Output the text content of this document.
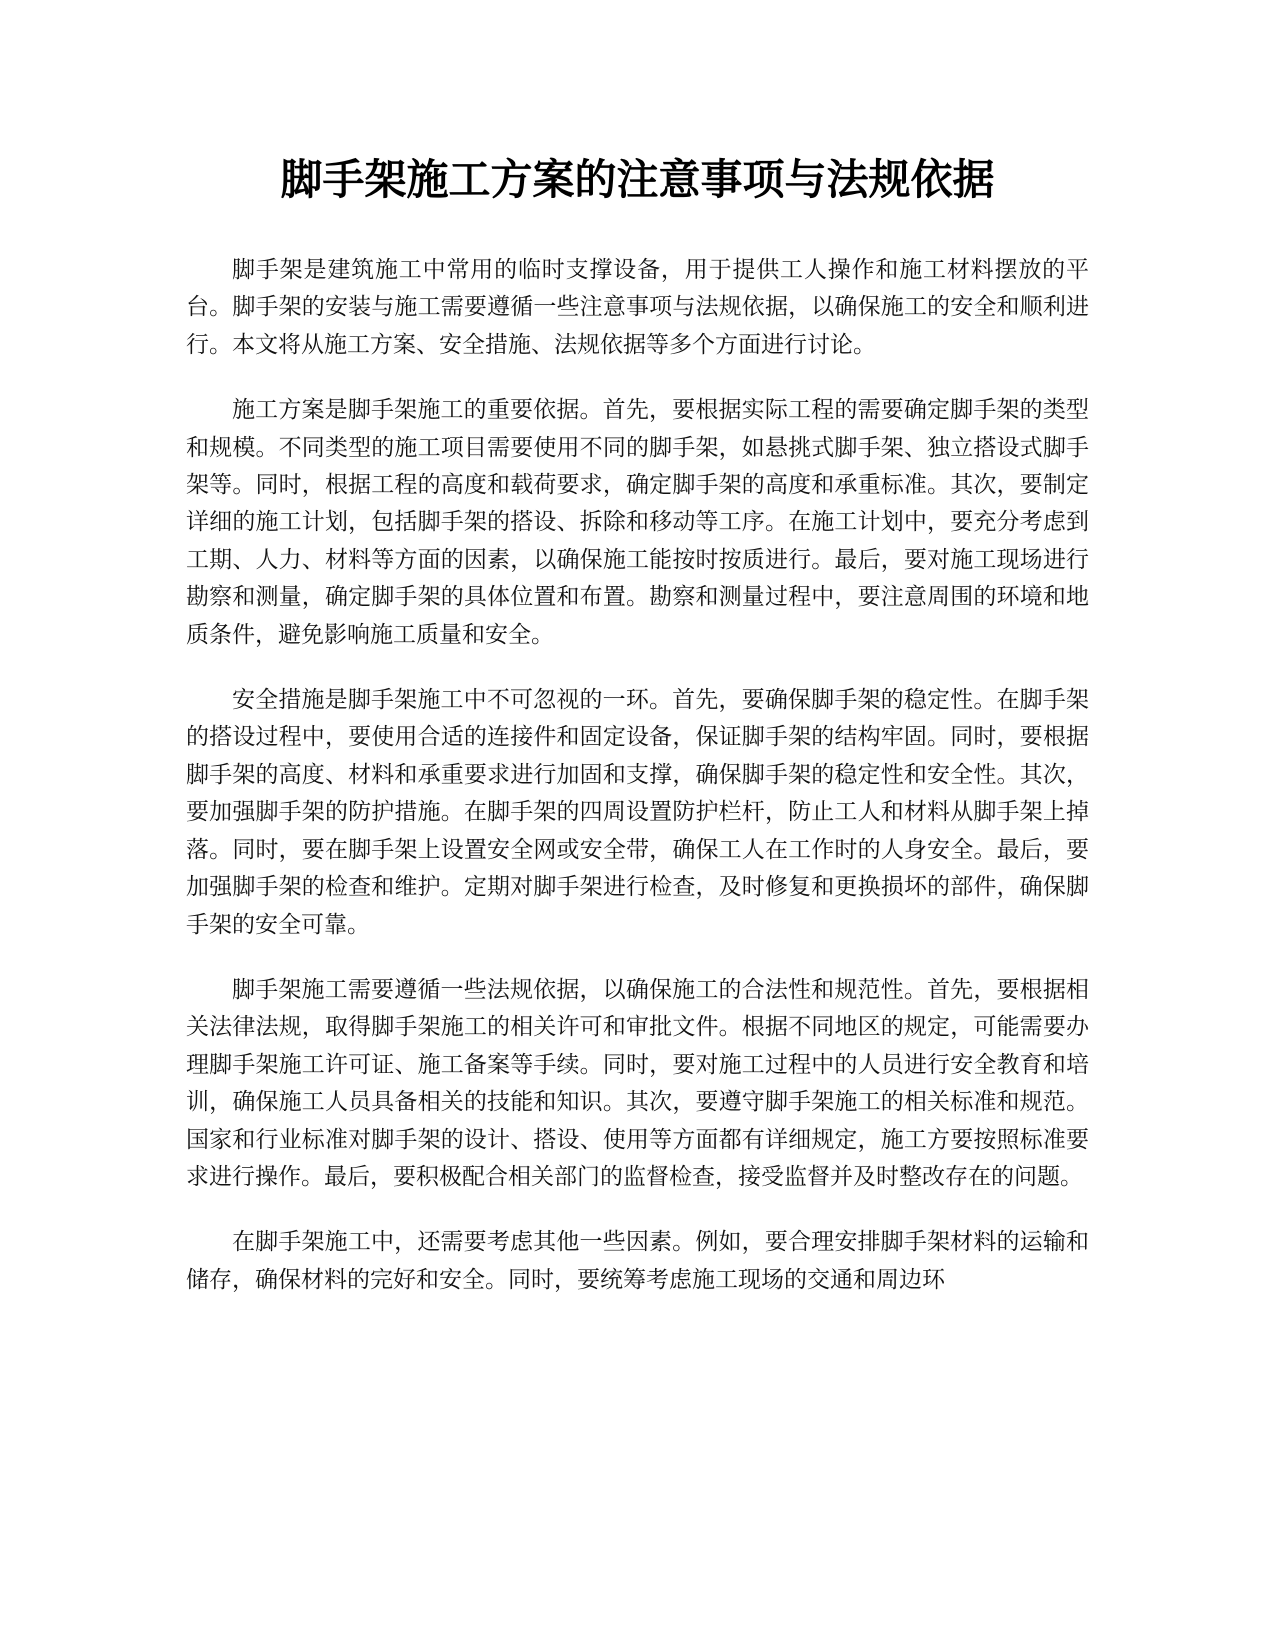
脚手架施工方案的注意事项与法规依据

脚手架是建筑施工中常用的临时支撑设备，用于提供工人操作和施工材料摆放的平台。脚手架的安装与施工需要遵循一些注意事项与法规依据，以确保施工的安全和顺利进行。本文将从施工方案、安全措施、法规依据等多个方面进行讨论。

施工方案是脚手架施工的重要依据。首先，要根据实际工程的需要确定脚手架的类型和规模。不同类型的施工项目需要使用不同的脚手架，如悬挑式脚手架、独立搭设式脚手架等。同时，根据工程的高度和载荷要求，确定脚手架的高度和承重标准。其次，要制定详细的施工计划，包括脚手架的搭设、拆除和移动等工序。在施工计划中，要充分考虑到工期、人力、材料等方面的因素，以确保施工能按时按质进行。最后，要对施工现场进行勘察和测量，确定脚手架的具体位置和布置。勘察和测量过程中，要注意周围的环境和地质条件，避免影响施工质量和安全。

安全措施是脚手架施工中不可忽视的一环。首先，要确保脚手架的稳定性。在脚手架的搭设过程中，要使用合适的连接件和固定设备，保证脚手架的结构牢固。同时，要根据脚手架的高度、材料和承重要求进行加固和支撑，确保脚手架的稳定性和安全性。其次，要加强脚手架的防护措施。在脚手架的四周设置防护栏杆，防止工人和材料从脚手架上掉落。同时，要在脚手架上设置安全网或安全带，确保工人在工作时的人身安全。最后，要加强脚手架的检查和维护。定期对脚手架进行检查，及时修复和更换损坏的部件，确保脚手架的安全可靠。

脚手架施工需要遵循一些法规依据，以确保施工的合法性和规范性。首先，要根据相关法律法规，取得脚手架施工的相关许可和审批文件。根据不同地区的规定，可能需要办理脚手架施工许可证、施工备案等手续。同时，要对施工过程中的人员进行安全教育和培训，确保施工人员具备相关的技能和知识。其次，要遵守脚手架施工的相关标准和规范。国家和行业标准对脚手架的设计、搭设、使用等方面都有详细规定，施工方要按照标准要求进行操作。最后，要积极配合相关部门的监督检查，接受监督并及时整改存在的问题。

在脚手架施工中，还需要考虑其他一些因素。例如，要合理安排脚手架材料的运输和储存，确保材料的完好和安全。同时，要统筹考虑施工现场的交通和周边环
